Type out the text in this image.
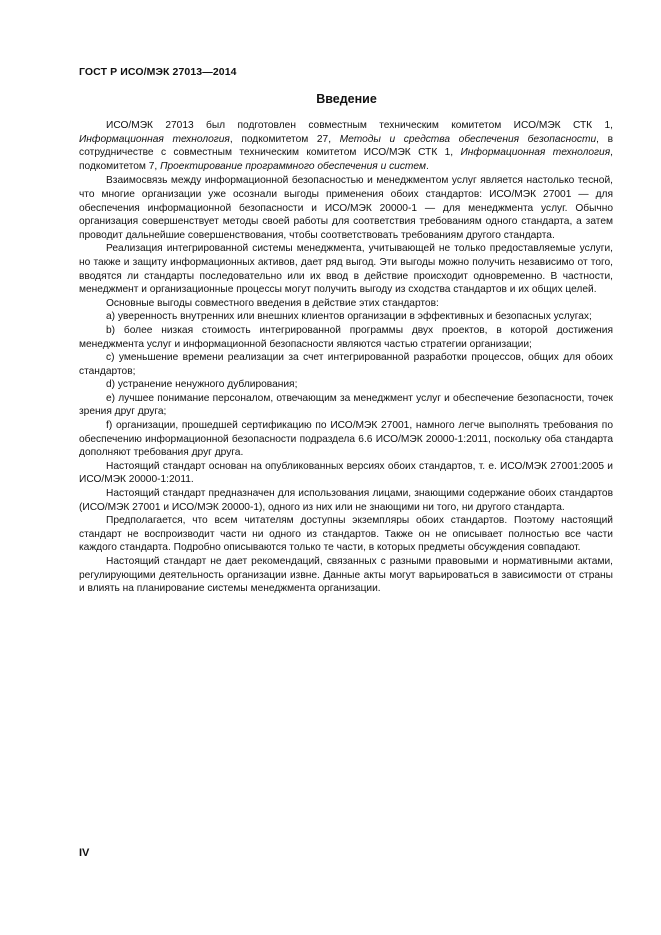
ГОСТ Р ИСО/МЭК 27013—2014
Введение

ИСО/МЭК 27013 был подготовлен совместным техническим комитетом ИСО/МЭК СТК 1, Информационная технология, подкомитетом 27, Методы и средства обеспечения безопасности, в сотрудничестве с совместным техническим комитетом ИСО/МЭК СТК 1, Информационная технология, подкомитетом 7, Проектирование программного обеспечения и систем.

Взаимосвязь между информационной безопасностью и менеджментом услуг является настолько тесной, что многие организации уже осознали выгоды применения обоих стандартов: ИСО/МЭК 27001 — для обеспечения информационной безопасности и ИСО/МЭК 20000-1 — для менеджмента услуг. Обычно организация совершенствует методы своей работы для соответствия требованиям одного стандарта, а затем проводит дальнейшие совершенствования, чтобы соответствовать требованиям другого стандарта.

Реализация интегрированной системы менеджмента, учитывающей не только предоставляемые услуги, но также и защиту информационных активов, дает ряд выгод. Эти выгоды можно получить независимо от того, вводятся ли стандарты последовательно или их ввод в действие происходит одновременно. В частности, менеджмент и организационные процессы могут получить выгоду из сходства стандартов и их общих целей.

Основные выгоды совместного введения в действие этих стандартов:

a) уверенность внутренних или внешних клиентов организации в эффективных и безопасных услугах;

b) более низкая стоимость интегрированной программы двух проектов, в которой достижения менеджмента услуг и информационной безопасности являются частью стратегии организации;

c) уменьшение времени реализации за счет интегрированной разработки процессов, общих для обоих стандартов;

d) устранение ненужного дублирования;

e) лучшее понимание персоналом, отвечающим за менеджмент услуг и обеспечение безопасности, точек зрения друг друга;

f) организации, прошедшей сертификацию по ИСО/МЭК 27001, намного легче выполнять требования по обеспечению информационной безопасности подраздела 6.6 ИСО/МЭК 20000-1:2011, поскольку оба стандарта дополняют требования друг друга.

Настоящий стандарт основан на опубликованных версиях обоих стандартов, т. е. ИСО/МЭК 27001:2005 и ИСО/МЭК 20000-1:2011.

Настоящий стандарт предназначен для использования лицами, знающими содержание обоих стандартов (ИСО/МЭК 27001 и ИСО/МЭК 20000-1), одного из них или не знающими ни того, ни другого стандарта.

Предполагается, что всем читателям доступны экземпляры обоих стандартов. Поэтому настоящий стандарт не воспроизводит части ни одного из стандартов. Также он не описывает полностью все части каждого стандарта. Подробно описываются только те части, в которых предметы обсуждения совпадают.

Настоящий стандарт не дает рекомендаций, связанных с разными правовыми и нормативными актами, регулирующими деятельность организации извне. Данные акты могут варьироваться в зависимости от страны и влиять на планирование системы менеджмента организации.

IV
